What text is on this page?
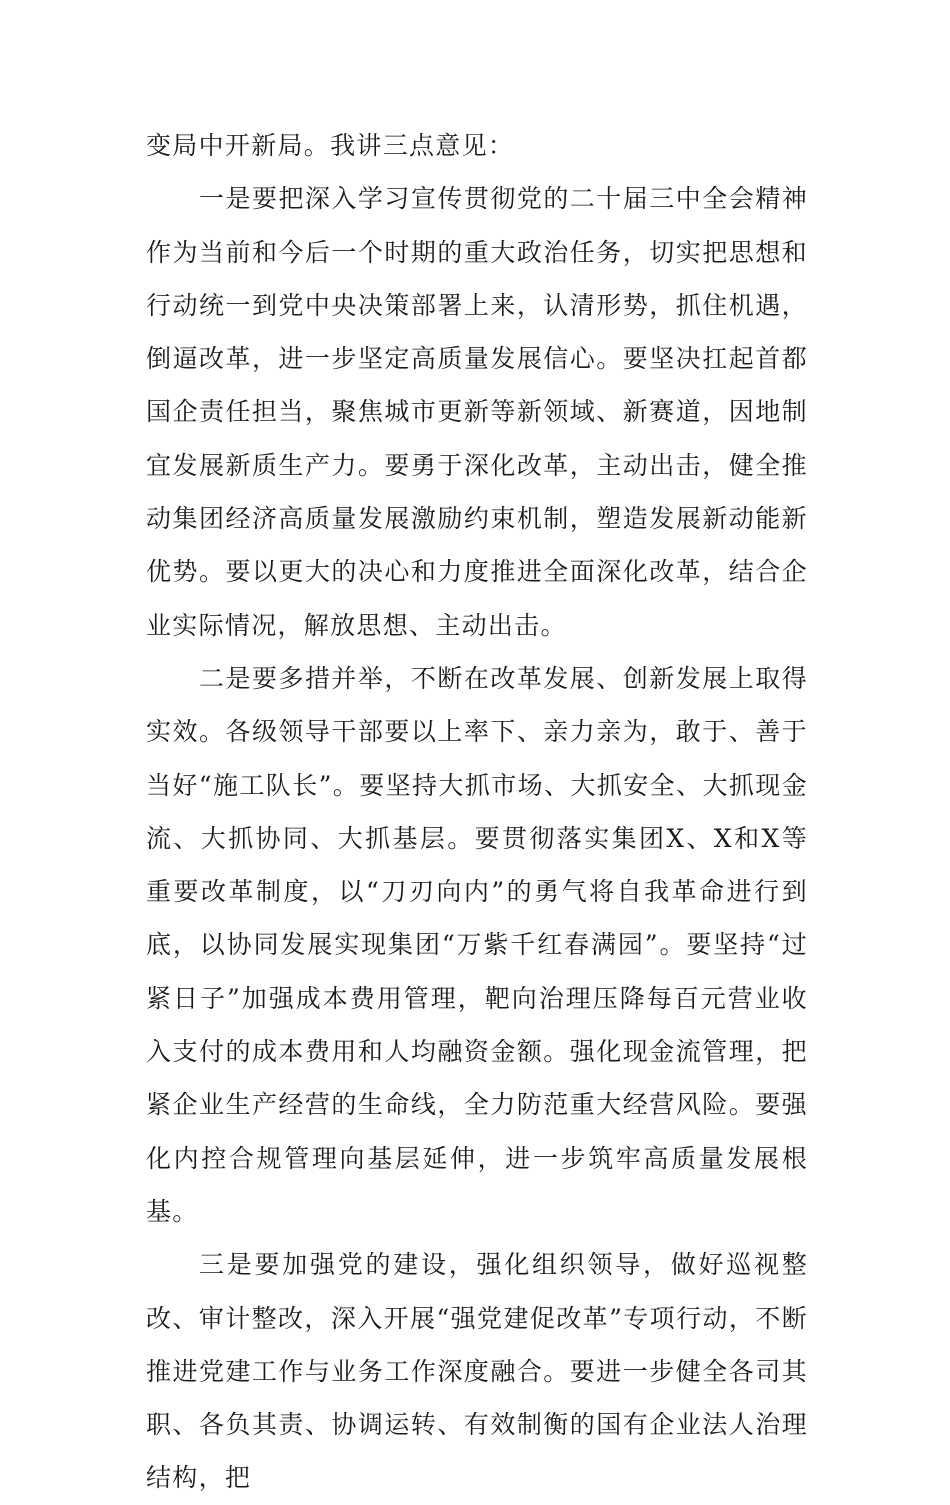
变局中开新局。我讲三点意见：

一是要把深入学习宣传贯彻党的二十届三中全会精神作为当前和今后一个时期的重大政治任务，切实把思想和行动统一到党中央决策部署上来，认清形势，抓住机遇，倒逼改革，进一步坚定高质量发展信心。要坚决扛起首都国企责任担当，聚焦城市更新等新领域、新赛道，因地制宜发展新质生产力。要勇于深化改革，主动出击，健全推动集团经济高质量发展激励约束机制，塑造发展新动能新优势。要以更大的决心和力度推进全面深化改革，结合企业实际情况，解放思想、主动出击。

二是要多措并举，不断在改革发展、创新发展上取得实效。各级领导干部要以上率下、亲力亲为，敢于、善于当好“施工队长”。要坚持大抓市场、大抓安全、大抓现金流、大抓协同、大抓基层。要贯彻落实集团X、X和X等重要改革制度，以“刀刃向内”的勇气将自我革命进行到底，以协同发展实现集团“万紫千红春满园”。要坚持“过紧日子”加强成本费用管理，靶向治理压降每百元营业收入支付的成本费用和人均融资金额。强化现金流管理，把紧企业生产经营的生命线，全力防范重大经营风险。要强化内控合规管理向基层延伸，进一步筑牢高质量发展根基。

三是要加强党的建设，强化组织领导，做好巡视整改、审计整改，深入开展“强党建促改革”专项行动，不断推进党建工作与业务工作深度融合。要进一步健全各司其职、各负其责、协调运转、有效制衡的国有企业法人治理结构，把
